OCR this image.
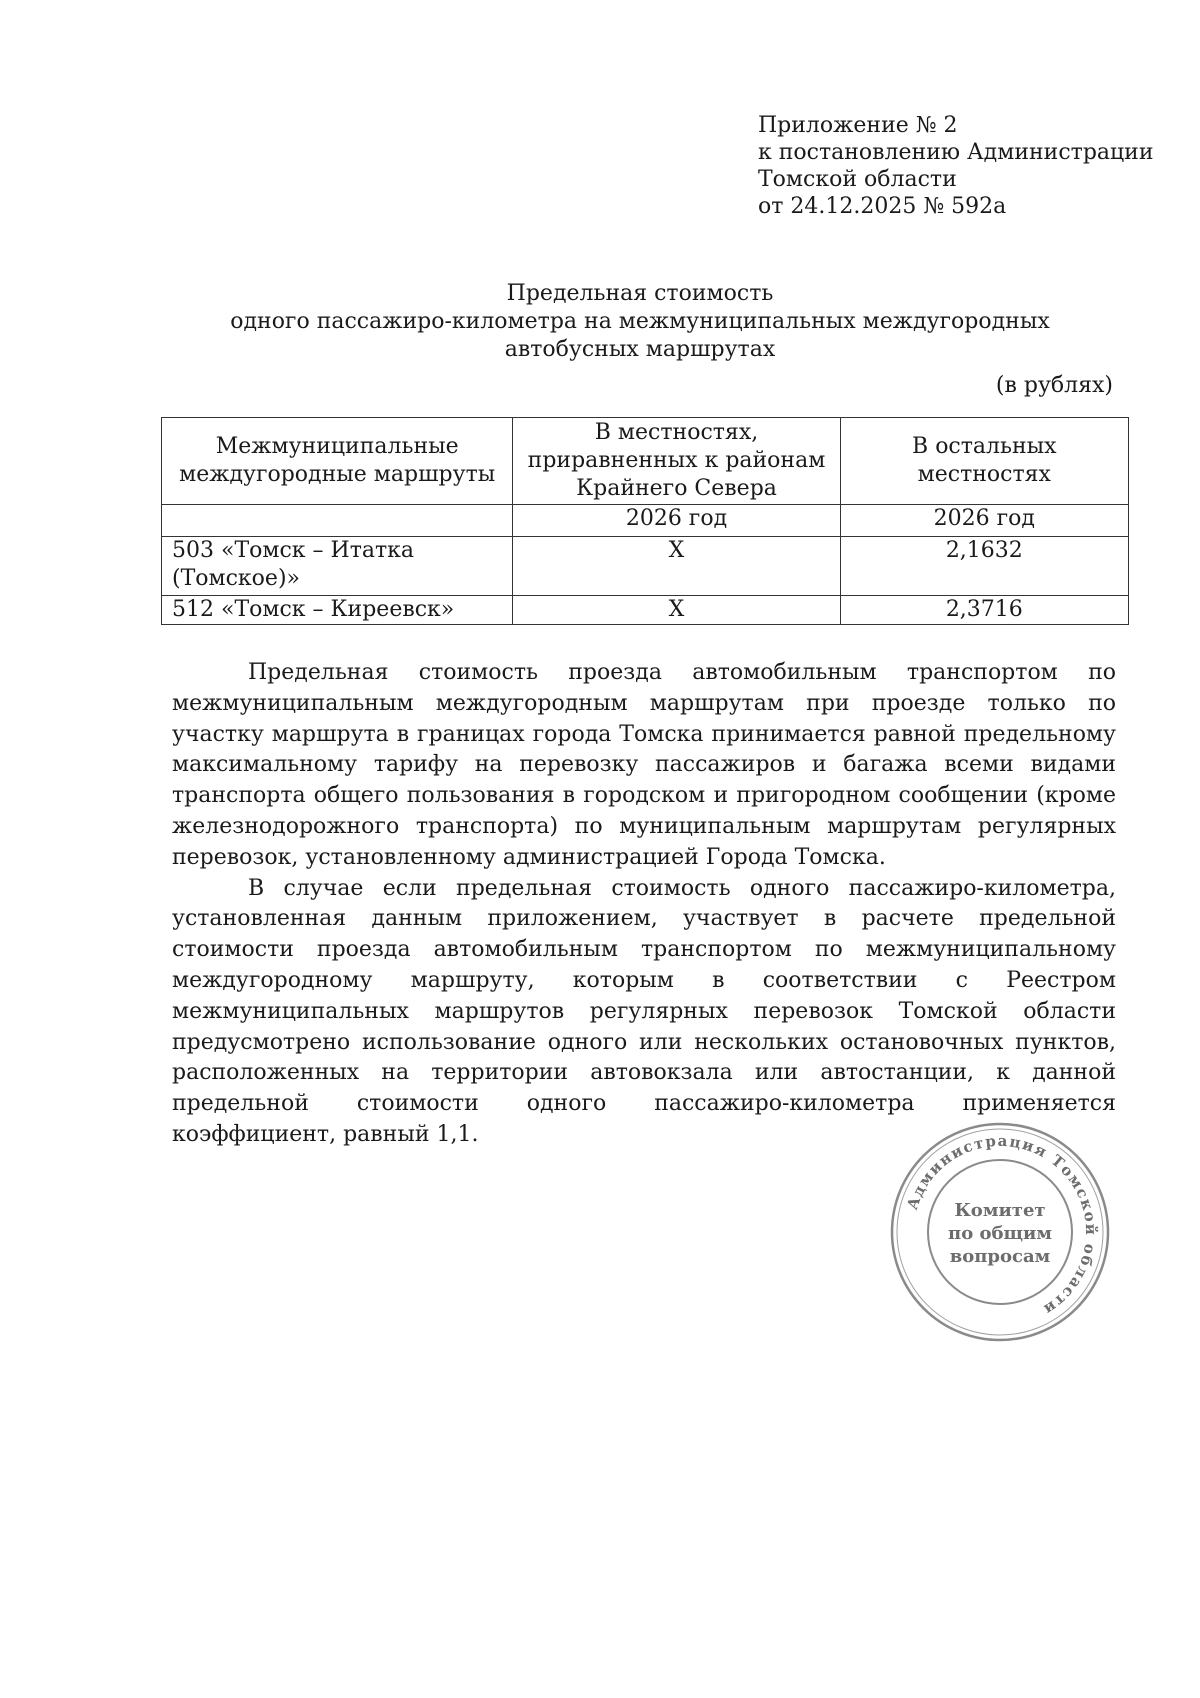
Приложение № 2
к постановлению Администрации
Томской области
от 24.12.2025 № 592а
Предельная стоимость
одного пассажиро-километра на межмуниципальных междугородных
автобусных маршрутах
(в рублях)
Межмуниципальные междугородные маршруты	В местностях, приравненных к районам Крайнего Севера	В остальных местностях
	2026 год	2026 год
503 «Томск – Итатка (Томское)»	Х	2,1632
512 «Томск – Киреевск»	Х	2,3716

Предельная стоимость проезда автомобильным транспортом по межмуниципальным междугородным маршрутам при проезде только по участку маршрута в границах города Томска принимается равной предельному максимальному тарифу на перевозку пассажиров и багажа всеми видами транспорта общего пользования в городском и пригородном сообщении (кроме железнодорожного транспорта) по муниципальным маршрутам регулярных перевозок, установленному администрацией Города Томска.

В случае если предельная стоимость одного пассажиро-километра, установленная данным приложением, участвует в расчете предельной стоимости проезда автомобильным транспортом по межмуниципальному междугородному маршруту, которым в соответствии с Реестром межмуниципальных маршрутов регулярных перевозок Томской области предусмотрено использование одного или нескольких остановочных пунктов, расположенных на территории автовокзала или автостанции, к данной предельной стоимости одного пассажиро-километра применяется коэффициент, равный 1,1.

Администрация Томской области
Комитет
по общим
вопросам
